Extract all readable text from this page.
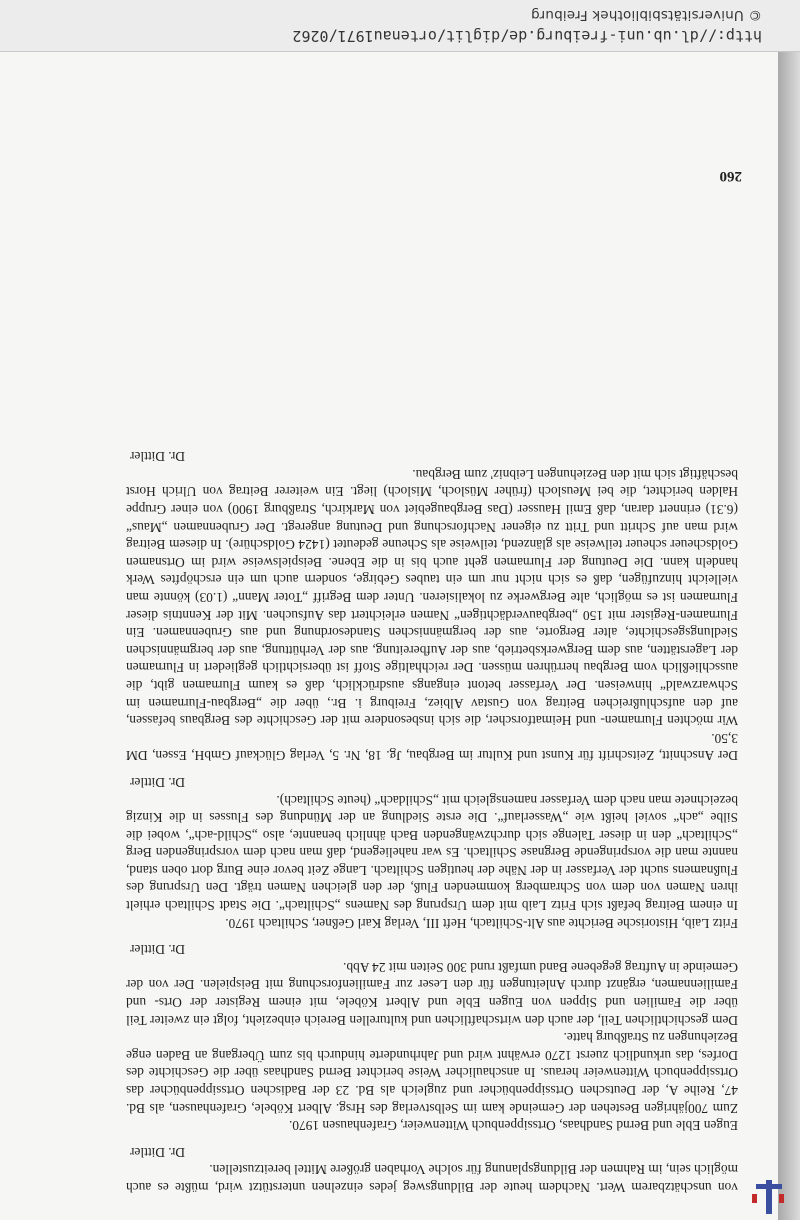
http://dl.ub.uni-freiburg.de/diglit/ortenau1971/0262
© Universitätsbibliothek Freiburg

von unschätzbarem Wert. Nachdem heute der Bildungsweg jedes einzelnen unterstützt wird, müßte es auch möglich sein, im Rahmen der Bildungsplanung für solche Vorhaben größere Mittel bereitzustellen.

Dr. Dittler

Eugen Eble und Bernd Sandhaas, Ortssippenbuch Wittenweier, Grafenhausen 1970.

Zum 700jährigen Bestehen der Gemeinde kam im Selbstverlag des Hrsg. Albert Köbele, Grafenhausen, als Bd. 47, Reihe A, der Deutschen Ortssippenbücher und zugleich als Bd. 23 der Badischen Ortssippenbücher das Ortssippenbuch Wittenweier heraus. In anschaulicher Weise berichtet Bernd Sandhaas über die Geschichte des Dorfes, das urkundlich zuerst 1270 erwähnt wird und Jahrhunderte hindurch bis zum Übergang an Baden enge Beziehungen zu Straßburg hatte.

Dem geschichtlichen Teil, der auch den wirtschaftlichen und kulturellen Bereich einbezieht, folgt ein zweiter Teil über die Familien und Sippen von Eugen Eble und Albert Köbele, mit einem Register der Orts- und Familiennamen, ergänzt durch Anleitungen für den Leser zur Familienforschung mit Beispielen. Der von der Gemeinde in Auftrag gegebene Band umfaßt rund 300 Seiten mit 24 Abb.

Dr. Dittler

Fritz Laib, Historische Berichte aus Alt-Schiltach, Heft III, Verlag Karl Geßner, Schiltach 1970.

In einem Beitrag befaßt sich Fritz Laib mit dem Ursprung des Namens „Schiltach“. Die Stadt Schiltach erhielt ihren Namen von dem von Schramberg kommenden Fluß, der den gleichen Namen trägt. Den Ursprung des Flußnamens sucht der Verfasser in der Nähe der heutigen Schiltach. Lange Zeit bevor eine Burg dort oben stand, nannte man die vorspringende Bergnase Schiltach. Es war naheliegend, daß man nach dem vorspringenden Berg „Schiltach“ den in dieser Talenge sich durchzwängenden Bach ähnlich benannte, also „Schild-ach“, wobei die Silbe „ach“ soviel heißt wie „Wasserlauf“. Die erste Siedlung an der Mündung des Flusses in die Kinzig bezeichnete man nach dem Verfasser namensgleich mit „Schildach“ (heute Schiltach).

Dr. Dittler

Der Anschnitt, Zeitschrift für Kunst und Kultur im Bergbau, Jg. 18, Nr. 5, Verlag Glückauf GmbH, Essen, DM 3,50.

Wir möchten Flurnamen- und Heimatforscher, die sich insbesondere mit der Geschichte des Bergbaus befassen, auf den aufschlußreichen Beitrag von Gustav Albiez, Freiburg i. Br., über die „Bergbau-Flurnamen im Schwarzwald“ hinweisen. Der Verfasser betont eingangs ausdrücklich, daß es kaum Flurnamen gibt, die ausschließlich vom Bergbau herrühren müssen. Der reichhaltige Stoff ist übersichtlich gegliedert in Flurnamen der Lagerstätten, aus dem Bergwerksbetrieb, aus der Aufbereitung, aus der Verhüttung, aus der bergmännischen Siedlungsgeschichte, alter Bergorte, aus der bergmännischen Standesordnung und aus Grubennamen. Ein Flurnamen-Register mit 150 „bergbauverdächtigen“ Namen erleichtert das Aufsuchen. Mit der Kenntnis dieser Flurnamen ist es möglich, alte Bergwerke zu lokalisieren. Unter dem Begriff „Toter Mann“ (1.03) könnte man vielleicht hinzufügen, daß es sich nicht nur um ein taubes Gebirge, sondern auch um ein erschöpftes Werk handeln kann. Die Deutung der Flurnamen geht auch bis in die Ebene. Beispielsweise wird im Ortsnamen Goldscheuer scheuer teilweise als glänzend, teilweise als Scheune gedeutet (1424 Goldschüre). In diesem Beitrag wird man auf Schritt und Tritt zu eigener Nachforschung und Deutung angeregt. Der Grubennamen „Maus“ (6.31) erinnert daran, daß Emil Hausser (Das Bergbaugebiet von Markirch, Straßburg 1900) von einer Gruppe Halden berichtet, die bei Meusloch (früher Müsloch, Misloch) liegt. Ein weiterer Beitrag von Ulrich Horst beschäftigt sich mit den Beziehungen Leibniz' zum Bergbau.

Dr. Dittler
260
